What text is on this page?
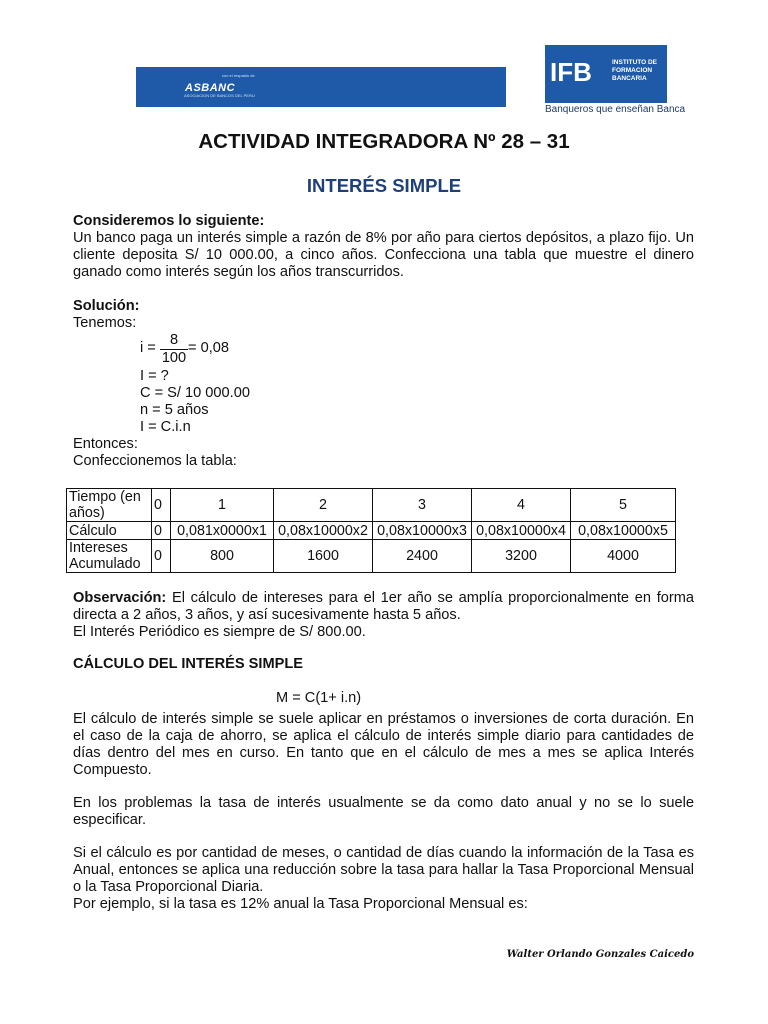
con el respaldo de
ASBANC
ASOCIACION DE BANCOS DEL PERU
IFB	INSTITUTO DE FORMACION BANCARIA
Banqueros que enseñan Banca
ACTIVIDAD INTEGRADORA Nº 28 – 31
INTERÉS SIMPLE

Consideremos lo siguiente:

Un banco paga un interés simple a razón de 8% por año para ciertos depósitos, a plazo fijo. Un cliente deposita S/ 10 000.00, a cinco años. Confecciona una tabla que muestre el dinero ganado como interés según los años transcurridos.

Solución:

Tenemos:

i = 8
100
= 0,08
I = ?
C = S/ 10 000.00
n = 5 años
I = C.i.n

Entonces:

Confeccionemos la tabla:

Tiempo (en años)	0	1	2	3	4	5
Cálculo	0	0,081x0000x1	0,08x10000x2	0,08x10000x3	0,08x10000x4	0,08x10000x5
Intereses Acumulado	0	800	1600	2400	3200	4000

Observación: El cálculo de intereses para el 1er año se amplía proporcionalmente en forma directa a 2 años, 3 años, y así sucesivamente hasta 5 años.

El Interés Periódico es siempre de S/ 800.00.

CÁLCULO DEL INTERÉS SIMPLE
M = C(1+ i.n)
El cálculo de interés simple se suele aplicar en préstamos o inversiones de corta duración. En el caso de la caja de ahorro, se aplica el cálculo de interés simple diario para cantidades de días dentro del mes en curso. En tanto que en el cálculo de mes a mes se aplica Interés Compuesto.
En los problemas la tasa de interés usualmente se da como dato anual y no se lo suele especificar.
Si el cálculo es por cantidad de meses, o cantidad de días cuando la información de la Tasa es Anual, entonces se aplica una reducción sobre la tasa para hallar la Tasa Proporcional Mensual o la Tasa Proporcional Diaria.
Por ejemplo, si la tasa es 12% anual la Tasa Proporcional Mensual es:
Walter Orlando Gonzales Caicedo
